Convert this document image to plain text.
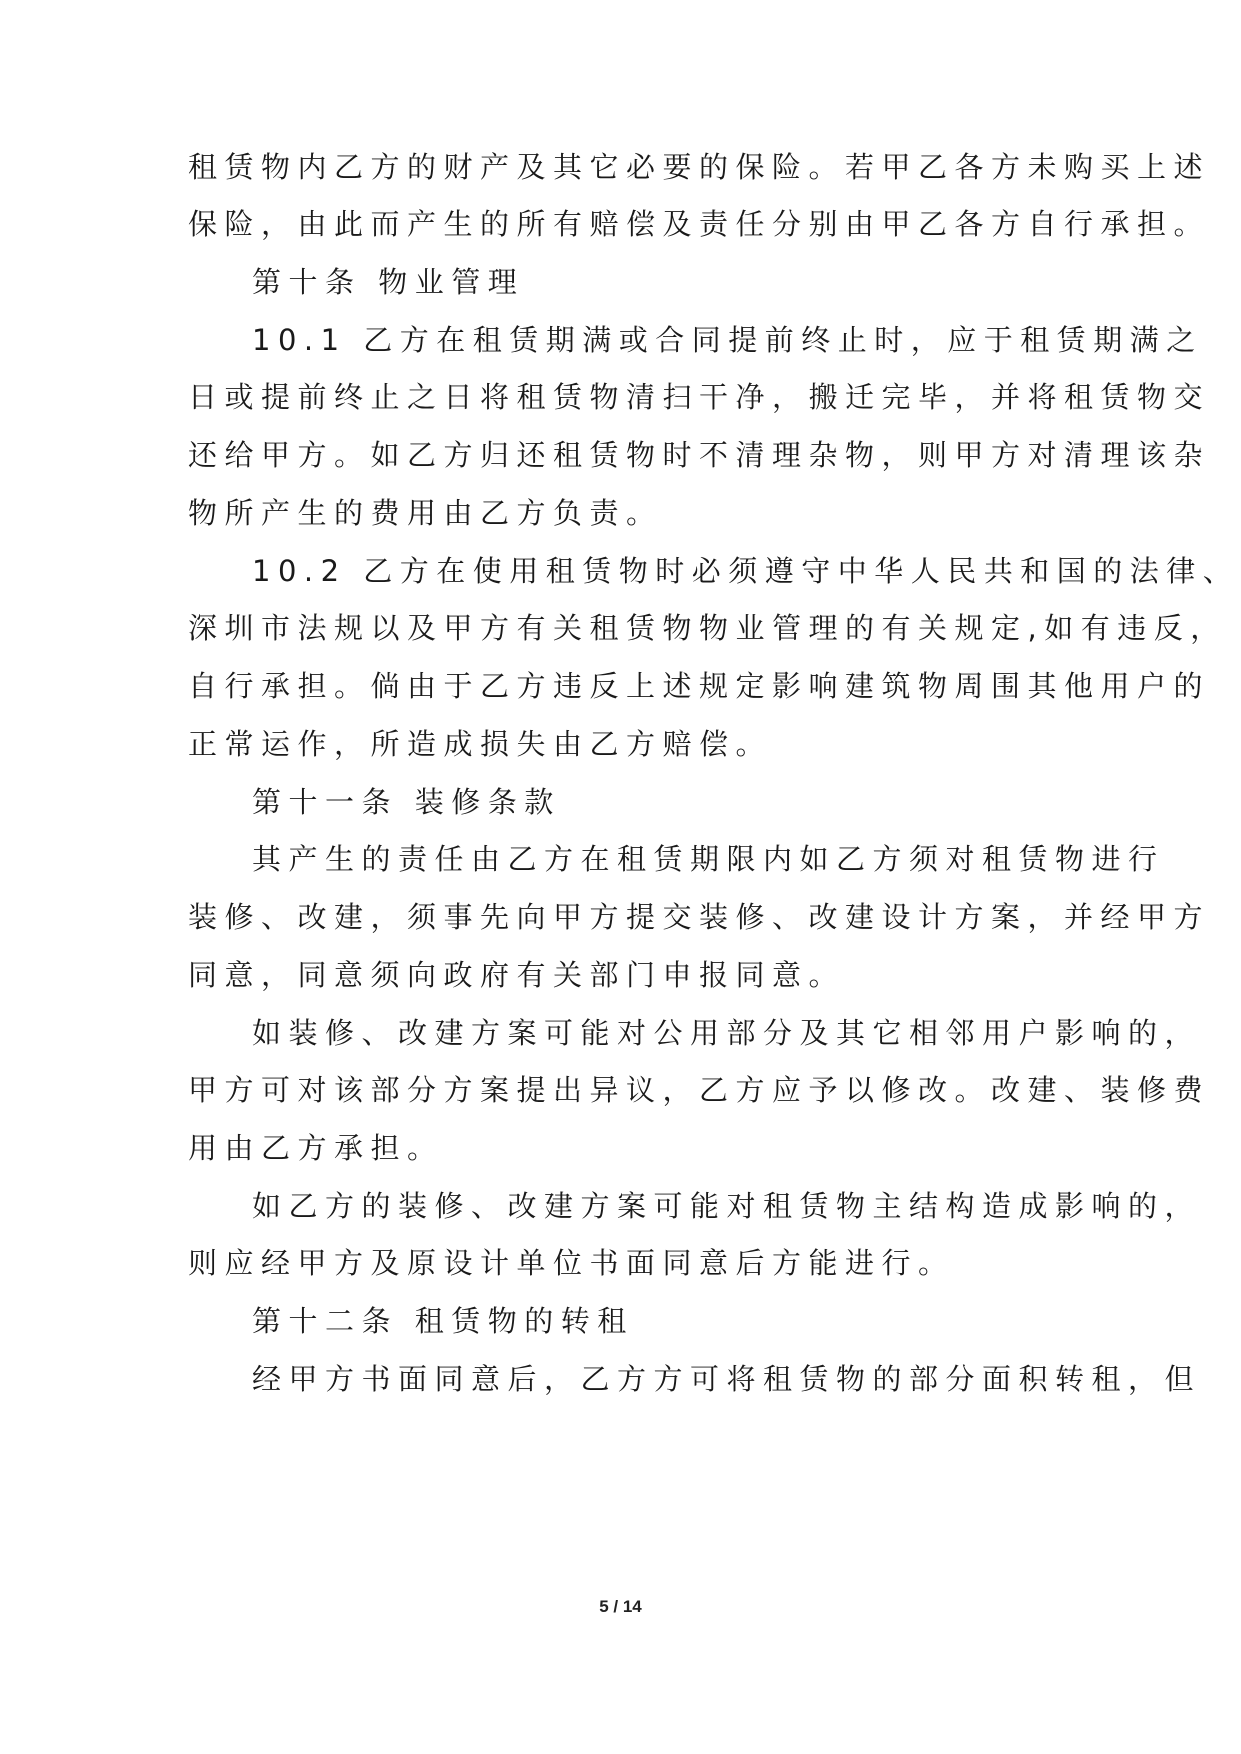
租赁物内乙方的财产及其它必要的保险。若甲乙各方未购买上述
保险，由此而产生的所有赔偿及责任分别由甲乙各方自行承担。
第十条 物业管理
10.1 乙方在租赁期满或合同提前终止时，应于租赁期满之
日或提前终止之日将租赁物清扫干净，搬迁完毕，并将租赁物交
还给甲方。如乙方归还租赁物时不清理杂物，则甲方对清理该杂
物所产生的费用由乙方负责。
10.2 乙方在使用租赁物时必须遵守中华人民共和国的法律、
深圳市法规以及甲方有关租赁物物业管理的有关规定,如有违反，
自行承担。倘由于乙方违反上述规定影响建筑物周围其他用户的
正常运作，所造成损失由乙方赔偿。
第十一条 装修条款
其产生的责任由乙方在租赁期限内如乙方须对租赁物进行
装修、改建，须事先向甲方提交装修、改建设计方案，并经甲方
同意，同意须向政府有关部门申报同意。
如装修、改建方案可能对公用部分及其它相邻用户影响的，
甲方可对该部分方案提出异议，乙方应予以修改。改建、装修费
用由乙方承担。
如乙方的装修、改建方案可能对租赁物主结构造成影响的，
则应经甲方及原设计单位书面同意后方能进行。
第十二条 租赁物的转租
经甲方书面同意后，乙方方可将租赁物的部分面积转租，但
5 / 14
